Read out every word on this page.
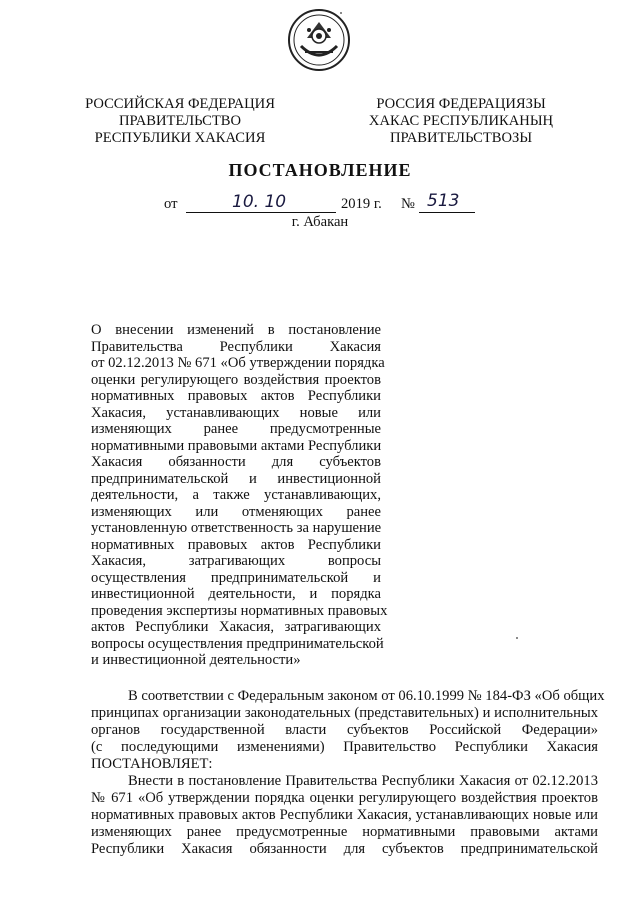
РОССИЙСКАЯ ФЕДЕРАЦИЯ
ПРАВИТЕЛЬСТВО
РЕСПУБЛИКИ ХАКАСИЯ
РОССИЯ ФЕДЕРАЦИЯЗЫ
ХАКАС РЕСПУБЛИКАНЫҢ
ПРАВИТЕЛЬСТВОЗЫ
ПОСТАНОВЛЕНИЕ
от	10. 10	2019 г. № 513
г. Абакан
О внесении изменений в постановление
Правительства Республики Хакасия
от 02.12.2013 № 671 «Об утверждении порядка
оценки регулирующего воздействия проектов
нормативных правовых актов Республики
Хакасия, устанавливающих новые или
изменяющих ранее предусмотренные
нормативными правовыми актами Республики
Хакасия обязанности для субъектов
предпринимательской и инвестиционной
деятельности, а также устанавливающих,
изменяющих или отменяющих ранее
установленную ответственность за нарушение
нормативных правовых актов Республики
Хакасия, затрагивающих вопросы
осуществления предпринимательской и
инвестиционной деятельности, и порядка
проведения экспертизы нормативных правовых
актов Республики Хакасия, затрагивающих
вопросы осуществления предпринимательской
и инвестиционной деятельности»
В соответствии с Федеральным законом от 06.10.1999 № 184-ФЗ «Об общих
принципах организации законодательных (представительных) и исполнительных
органов государственной власти субъектов Российской Федерации»
(с последующими изменениями) Правительство Республики Хакасия
ПОСТАНОВЛЯЕТ:
Внести в постановление Правительства Республики Хакасия от 02.12.2013
№ 671 «Об утверждении порядка оценки регулирующего воздействия проектов
нормативных правовых актов Республики Хакасия, устанавливающих новые или
изменяющих ранее предусмотренные нормативными правовыми актами
Республики Хакасия обязанности для субъектов предпринимательской
